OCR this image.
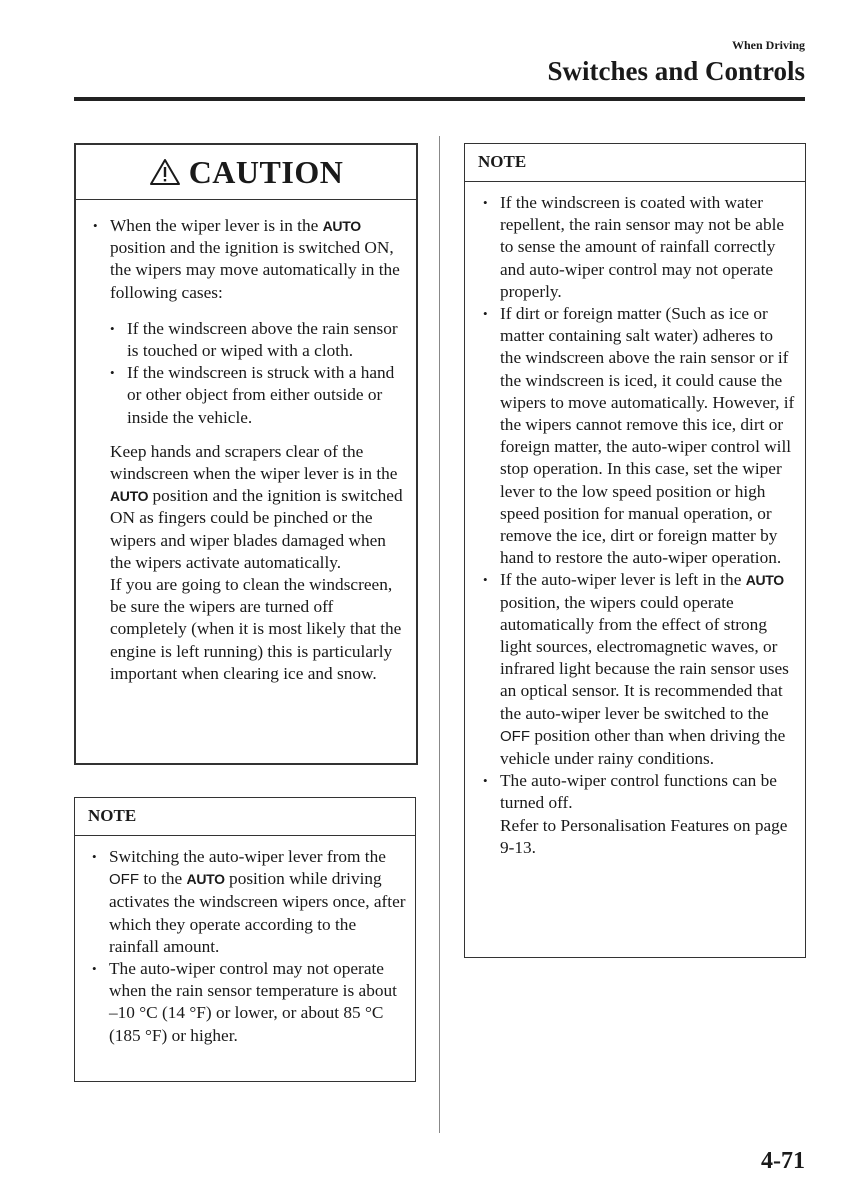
When Driving
Switches and Controls
CAUTION
• When the wiper lever is in the AUTO position and the ignition is switched ON, the wipers may move automatically in the following cases:
• If the windscreen above the rain sensor is touched or wiped with a cloth.
• If the windscreen is struck with a hand or other object from either outside or inside the vehicle.
Keep hands and scrapers clear of the windscreen when the wiper lever is in the AUTO position and the ignition is switched ON as fingers could be pinched or the wipers and wiper blades damaged when the wipers activate automatically.
If you are going to clean the windscreen, be sure the wipers are turned off completely (when it is most likely that the engine is left running) this is particularly important when clearing ice and snow.
NOTE
• Switching the auto-wiper lever from the OFF to the AUTO position while driving activates the windscreen wipers once, after which they operate according to the rainfall amount.
• The auto-wiper control may not operate when the rain sensor temperature is about –10 °C (14 °F) or lower, or about 85 °C (185 °F) or higher.
NOTE
• If the windscreen is coated with water repellent, the rain sensor may not be able to sense the amount of rainfall correctly and auto-wiper control may not operate properly.
• If dirt or foreign matter (Such as ice or matter containing salt water) adheres to the windscreen above the rain sensor or if the windscreen is iced, it could cause the wipers to move automatically. However, if the wipers cannot remove this ice, dirt or foreign matter, the auto-wiper control will stop operation. In this case, set the wiper lever to the low speed position or high speed position for manual operation, or remove the ice, dirt or foreign matter by hand to restore the auto-wiper operation.
• If the auto-wiper lever is left in the AUTO position, the wipers could operate automatically from the effect of strong light sources, electromagnetic waves, or infrared light because the rain sensor uses an optical sensor. It is recommended that the auto-wiper lever be switched to the OFF position other than when driving the vehicle under rainy conditions.
• The auto-wiper control functions can be turned off.
Refer to Personalisation Features on page 9-13.
4-71
